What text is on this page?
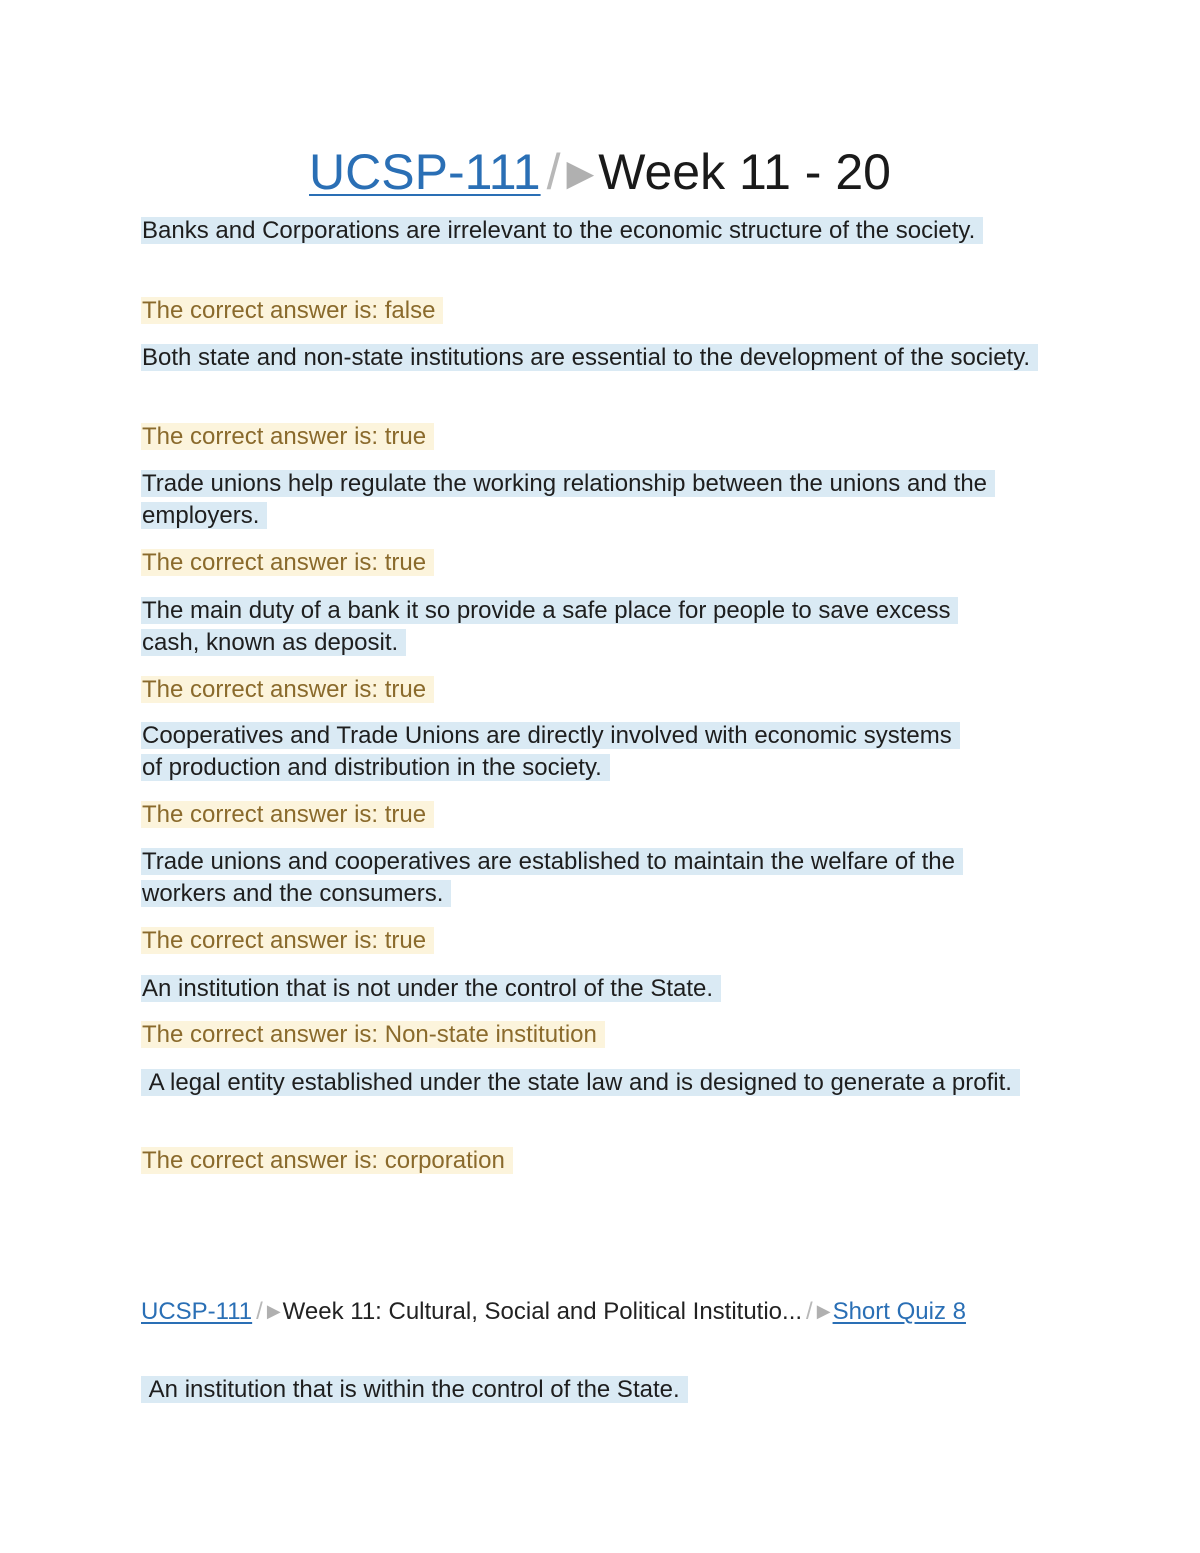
UCSP-111 / ▶Week 11 - 20
Banks and Corporations are irrelevant to the economic structure of the society.
The correct answer is: false
Both state and non-state institutions are essential to the development of the society.
The correct answer is: true
Trade unions help regulate the working relationship between the unions and the employers.
The correct answer is: true
The main duty of a bank it so provide a safe place for people to save excess cash, known as deposit.
The correct answer is: true
Cooperatives and Trade Unions are directly involved with economic systems of production and distribution in the society.
The correct answer is: true
Trade unions and cooperatives are established to maintain the welfare of the workers and the consumers.
The correct answer is: true
An institution that is not under the control of the State.
The correct answer is: Non-state institution
A legal entity established under the state law and is designed to generate a profit.
The correct answer is: corporation
UCSP-111 / ▶Week 11: Cultural, Social and Political Institutio... / ▶Short Quiz 8
An institution that is within the control of the State.
